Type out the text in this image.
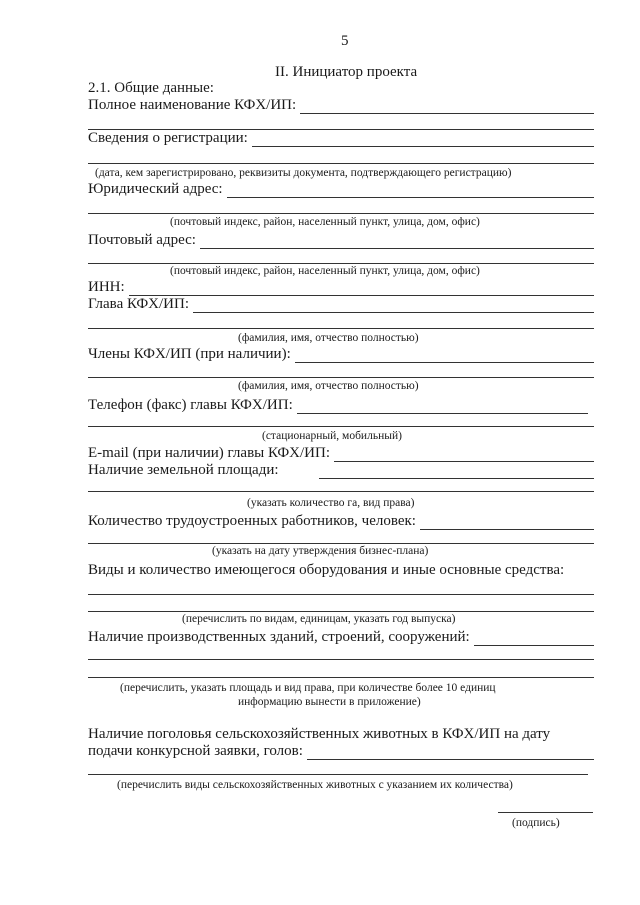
5
II. Инициатор проекта
2.1. Общие данные:
Полное наименование КФХ/ИП:
Сведения о регистрации:
(дата, кем зарегистрировано, реквизиты документа, подтверждающего регистрацию)
Юридический адрес:
(почтовый индекс, район, населенный пункт, улица, дом, офис)
Почтовый адрес:
(почтовый индекс, район, населенный пункт, улица, дом, офис)
ИНН:
Глава КФХ/ИП:
(фамилия, имя, отчество полностью)
Члены КФХ/ИП (при наличии):
(фамилия, имя, отчество полностью)
Телефон (факс) главы КФХ/ИП:
(стационарный, мобильный)
E-mail (при наличии) главы КФХ/ИП:
Наличие земельной площади:
(указать количество га, вид права)
Количество трудоустроенных работников, человек:
(указать на дату утверждения бизнес-плана)
Виды и количество имеющегося оборудования и иные основные средства:
(перечислить по видам, единицам, указать год выпуска)
Наличие производственных зданий, строений, сооружений:
(перечислить, указать площадь и вид права, при количестве более 10 единиц
информацию вынести в приложение)
Наличие поголовья сельскохозяйственных животных в КФХ/ИП на дату
подачи конкурсной заявки, голов:
(перечислить виды сельскохозяйственных животных с указанием их количества)
(подпись)
